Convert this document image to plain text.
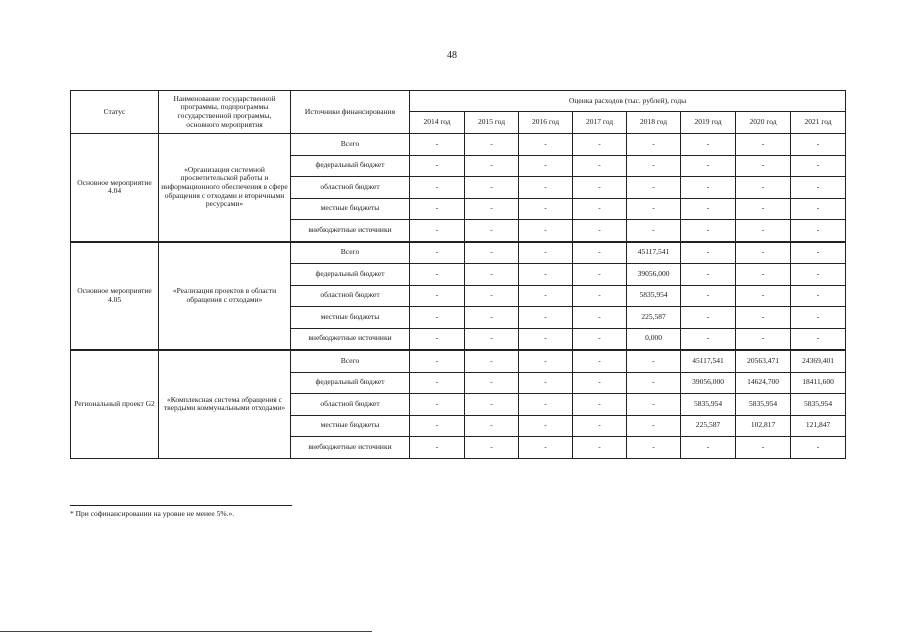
48
Статус	Наименование государственной программы, подпрограммы государственной программы, основного мероприятия	Источники финансирования	Оценка расходов (тыс. рублей), годы							
			2014 год	2015 год	2016 год	2017 год	2018 год	2019 год	2020 год	2021 год
Основное мероприятие 4.04	«Организация системной просветительской работы и информационного обеспечения в сфере обращения с отходами и вторичными ресурсами»	Всего	-	-	-	-	-	-	-	-
		федеральный бюджет	-	-	-	-	-	-	-	-
		областной бюджет	-	-	-	-	-	-	-	-
		местные бюджеты	-	-	-	-	-	-	-	-
		внебюджетные источники	-	-	-	-	-	-	-	-
Основное мероприятие 4.05	«Реализация проектов в области обращения с отходами»	Всего	-	-	-	-	45117,541	-	-	-
		федеральный бюджет	-	-	-	-	39056,000	-	-	-
		областной бюджет	-	-	-	-	5835,954	-	-	-
		местные бюджеты	-	-	-	-	225,587	-	-	-
		внебюджетные источники	-	-	-	-	0,000	-	-	-
Региональный проект G2	«Комплексная система обращения с твердыми коммунальными отходами»	Всего	-	-	-	-	-	45117,541	20563,471	24369,401
		федеральный бюджет	-	-	-	-	-	39056,000	14624,700	18411,600
		областной бюджет	-	-	-	-	-	5835,954	5835,954	5835,954
		местные бюджеты	-	-	-	-	-	225,587	102,817	121,847
		внебюджетные источники	-	-	-	-	-	-	-	-
* При софинансировании на уровне не менее 5%.».
